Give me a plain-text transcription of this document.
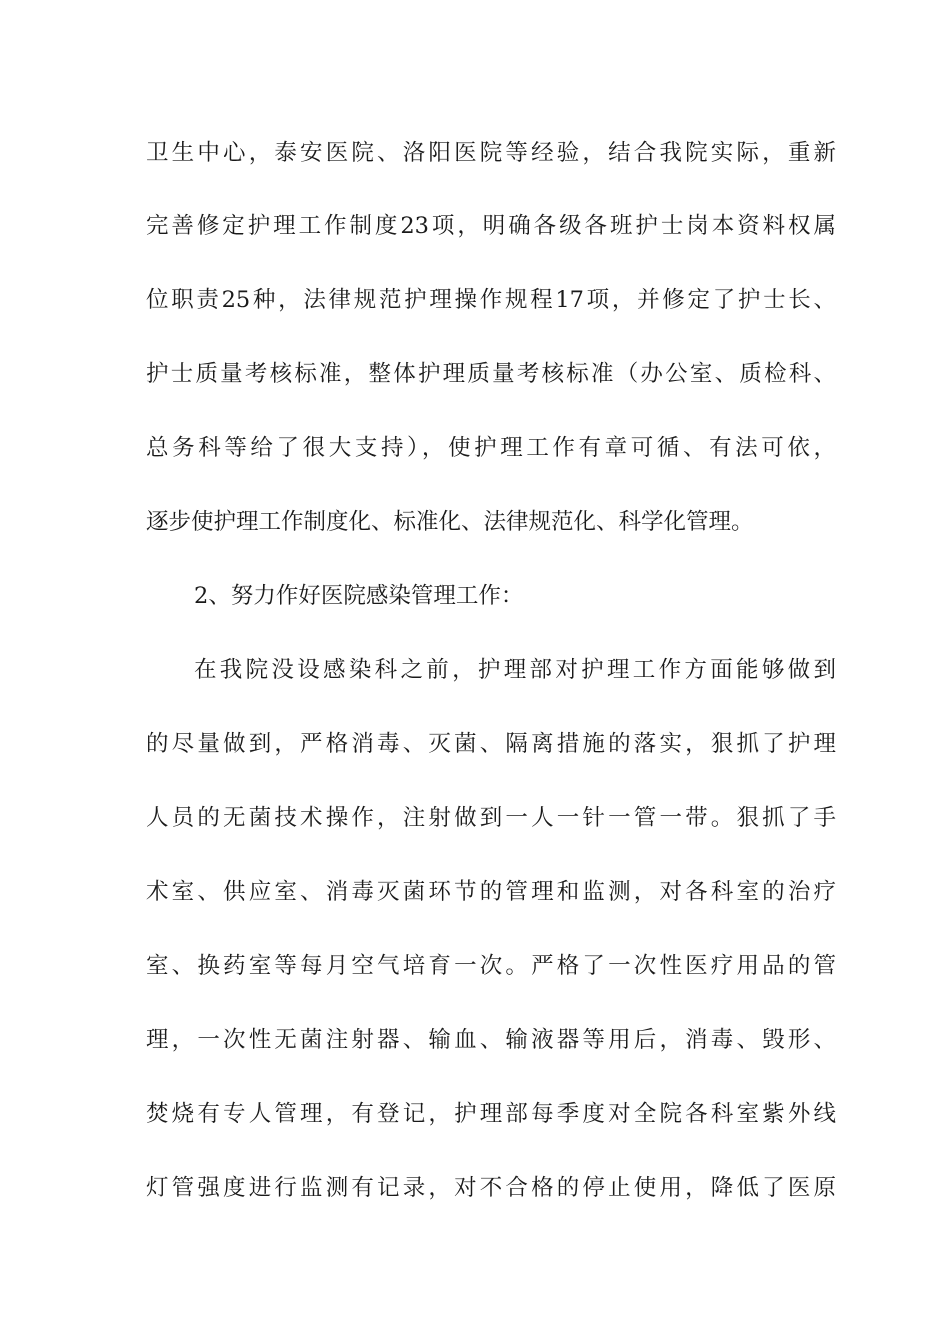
卫生中心，泰安医院、洛阳医院等经验，结合我院实际，重新
完善修定护理工作制度23项，明确各级各班护士岗本资料权属
位职责25种，法律规范护理操作规程17项，并修定了护士长、
护士质量考核标准，整体护理质量考核标准（办公室、质检科、
总务科等给了很大支持），使护理工作有章可循、有法可依，
逐步使护理工作制度化、标准化、法律规范化、科学化管理。
2、努力作好医院感染管理工作：
在我院没设感染科之前，护理部对护理工作方面能够做到
的尽量做到，严格消毒、灭菌、隔离措施的落实，狠抓了护理
人员的无菌技术操作，注射做到一人一针一管一带。狠抓了手
术室、供应室、消毒灭菌环节的管理和监测，对各科室的治疗
室、换药室等每月空气培育一次。严格了一次性医疗用品的管
理，一次性无菌注射器、输血、输液器等用后，消毒、毁形、
焚烧有专人管理，有登记，护理部每季度对全院各科室紫外线
灯管强度进行监测有记录，对不合格的停止使用，降低了医原
